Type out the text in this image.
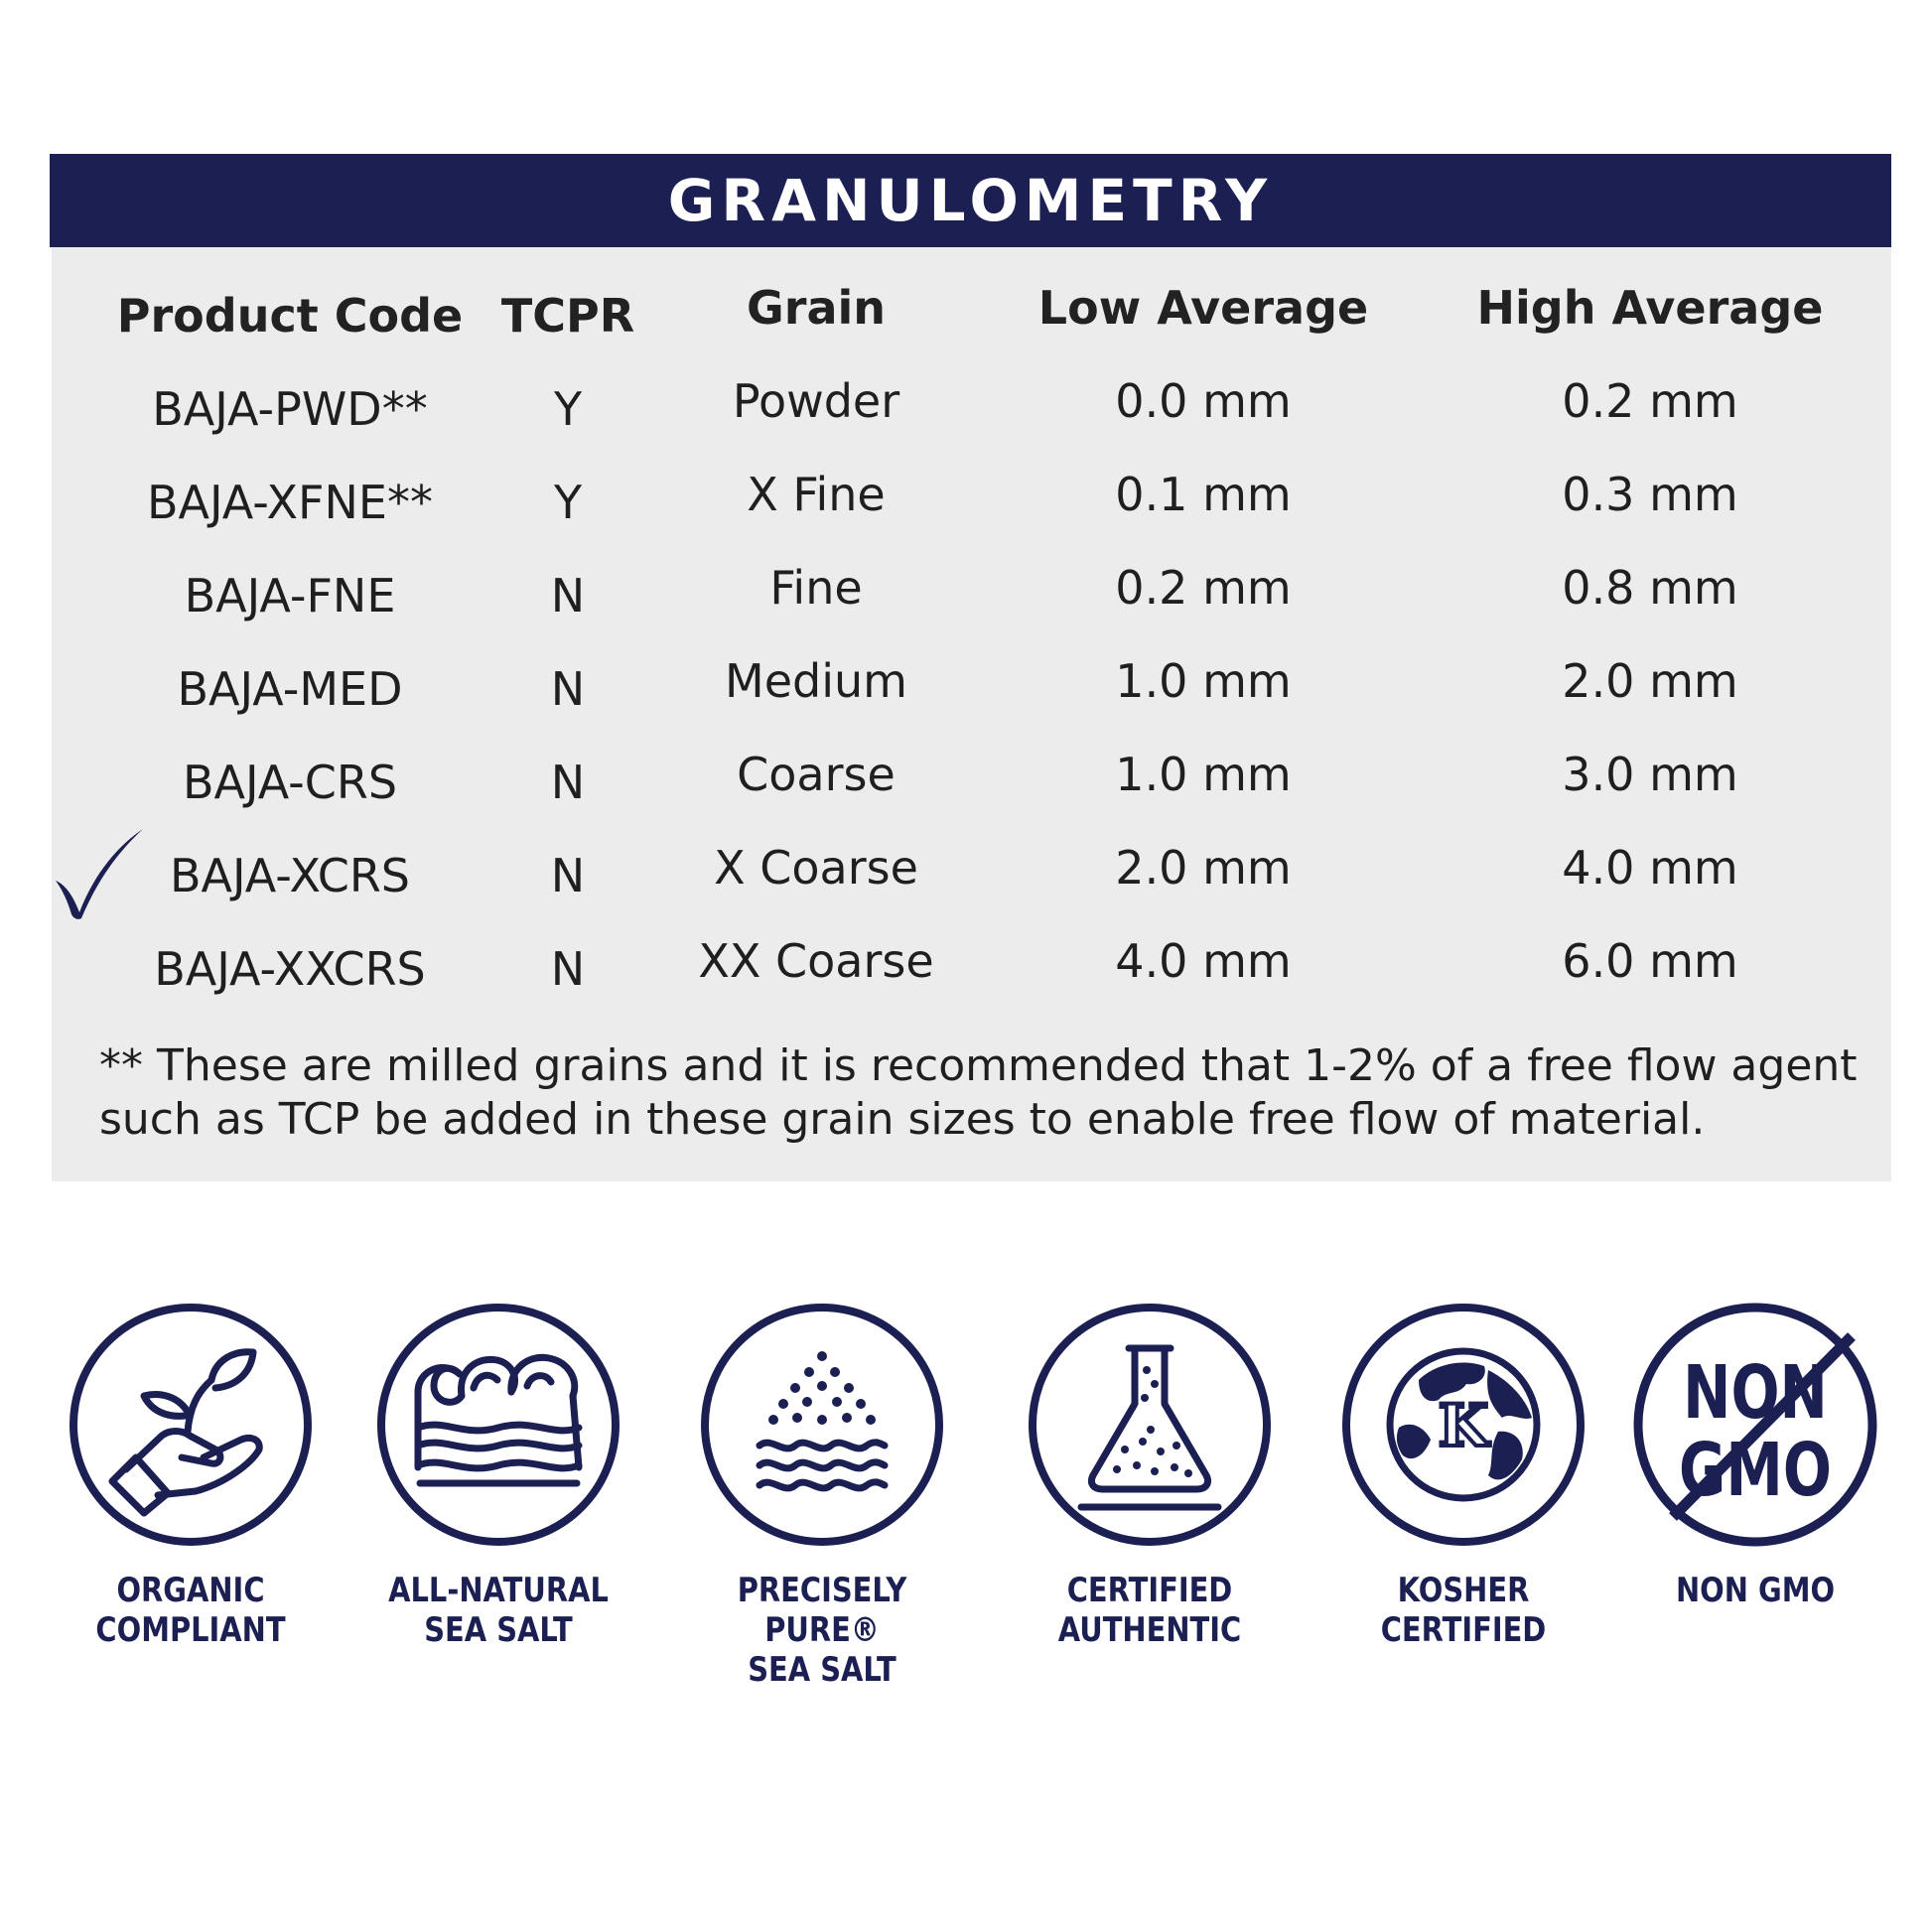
GRANULOMETRY
Product Code TCPR	Grain	Low Average	High Average
BAJA-PWD**	Y	Powder	0.0 mm	0.2 mm
BAJA-XFNE**	Y	X Fine	0.1 mm	0.3 mm
BAJA-FNE	N	Fine	0.2 mm	0.8 mm
BAJA-MED	N	Medium	1.0 mm	2.0 mm
BAJA-CRS	N	Coarse	1.0 mm	3.0 mm
BAJA-XCRS	N	X Coarse	2.0 mm	4.0 mm
BAJA-XXCRS	N	XX Coarse	4.0 mm	6.0 mm
** These are milled grains and it is recommended that 1-2% of a free flow agent such as TCP be added in these grain sizes to enable free flow of material.
ORGANIC
COMPLIANT
ALL-NATURAL
SEA SALT
PRECISELY PURE®
SEA SALT
CERTIFIED
AUTHENTIC
K
KOSHER
CERTIFIED
NON
GMO
NON GMO
